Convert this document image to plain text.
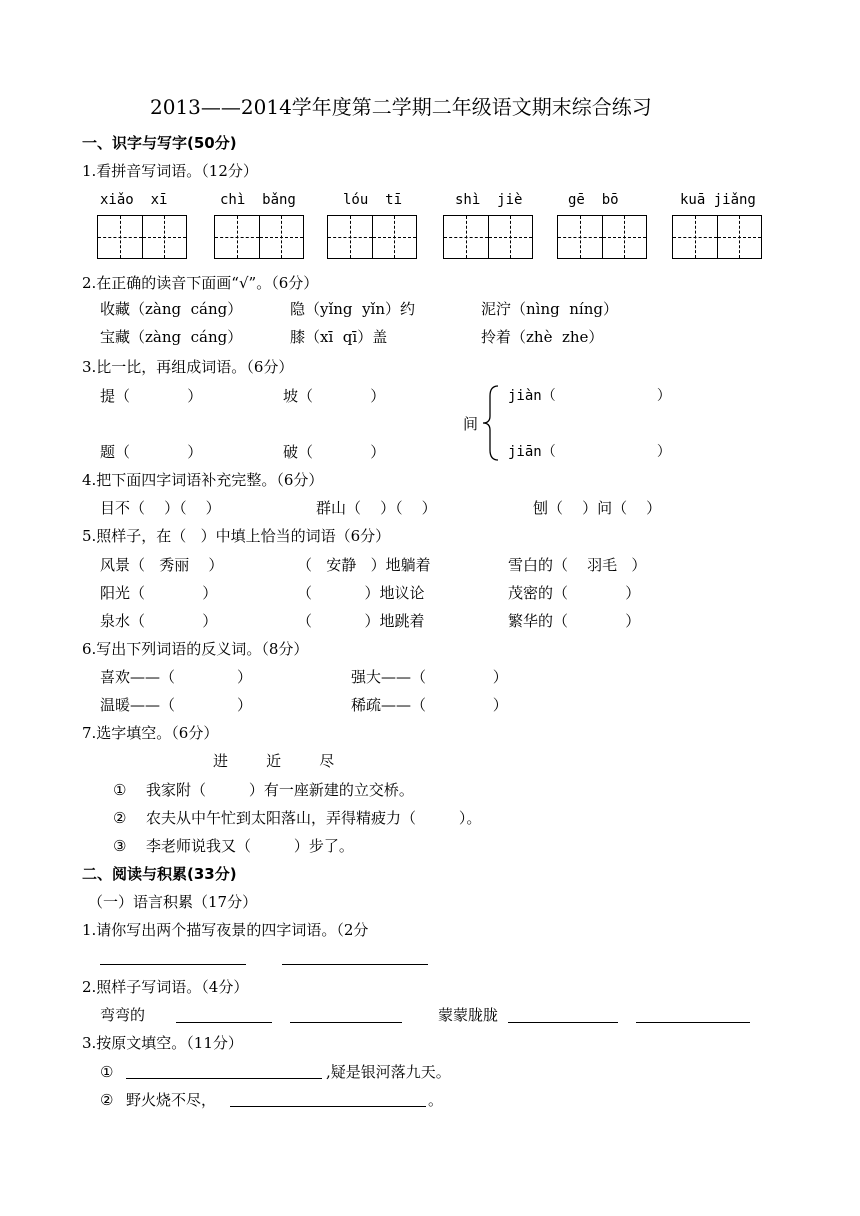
2013——2014学年度第二学期二年级语文期末综合练习
一、识字与写字(50分)
1.看拼音写词语。（12分）
xiǎo  xī	chì  bǎng	lóu  tī	shì  jiè	gē  bō	kuā jiǎng
2.在正确的读音下面画“√”。（6分）
收藏（zàng  cáng）	隐（yǐng  yǐn）约	泥泞（nìng  níng）
宝藏（zàng  cáng）	膝（xī  qī）盖	拎着（zhè  zhe）
3.比一比，再组成词语。（6分）
提（            ）	坡（            ）
题（            ）	破（            ）
间
jiàn（            ）
jiān（            ）
4.把下面四字词语补充完整。（6分）
目不（    ）（    ）	群山（    ）（    ）	刨（    ）问（    ）
5.照样子，在（   ）中填上恰当的词语（6分）
风景（   秀丽    ）	（   安静   ）地躺着	雪白的（    羽毛   ）
阳光（            ）	（           ）地议论	茂密的（            ）
泉水（            ）	（           ）地跳着	繁华的（            ）
6.写出下列词语的反义词。（8分）
喜欢——（             ）	强大——（              ）
温暖——（             ）	稀疏——（              ）
7.选字填空。（6分）
进        近        尽
① 我家附（         ）有一座新建的立交桥。
② 农夫从中午忙到太阳落山，弄得精疲力（         ）。
③ 李老师说我又（         ）步了。
二、阅读与积累(33分)
（一）语言积累（17分）
1.请你写出两个描写夜景的四字词语。（2分
2.照样子写词语。（4分）
弯弯的	蒙蒙胧胧
3.按原文填空。（11分）
①	,疑是银河落九天。
② 野火烧不尽，	。
